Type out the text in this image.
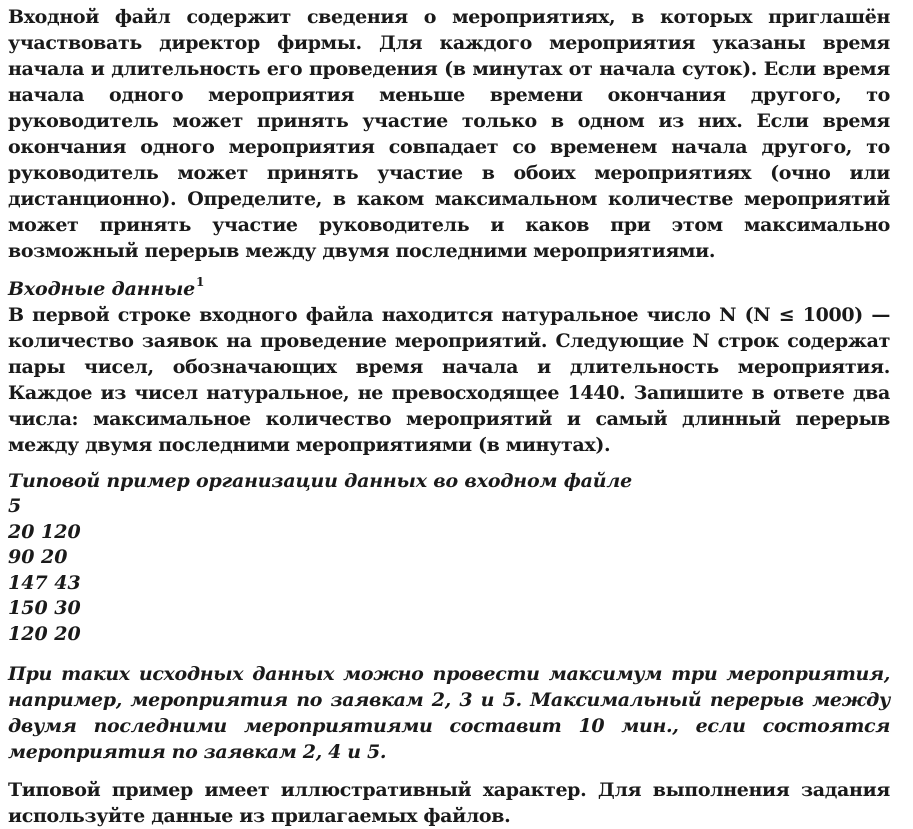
Входной файл содержит сведения о мероприятиях, в которых приглашён участвовать директор фирмы. Для каждого мероприятия указаны время начала и длительность его проведения (в минутах от начала суток). Если время начала одного мероприятия меньше времени окончания другого, то руководитель может принять участие только в одном из них. Если время окончания одного мероприятия совпадает со временем начала другого, то руководитель может принять участие в обоих мероприятиях (очно или дистанционно). Определите, в каком максимальном количестве мероприятий может принять участие руководитель и каков при этом максимально возможный перерыв между двумя последними мероприятиями.

Входные данные$^1$

В первой строке входного файла находится натуральное число N (N ≤ 1000) — количество заявок на проведение мероприятий. Следующие N строк содержат пары чисел, обозначающих время начала и длительность мероприятия. Каждое из чисел натуральное, не превосходящее 1440. Запишите в ответе два числа: максимальное количество мероприятий и самый длинный перерыв между двумя последними мероприятиями (в минутах).

Типовой пример организации данных во входном файле

5
20 120
90 20
147 43
150 30
120 20

При таких исходных данных можно провести максимум три мероприятия, например, мероприятия по заявкам 2, 3 и 5. Максимальный перерыв между двумя последними мероприятиями составит 10 мин., если состоятся мероприятия по заявкам 2, 4 и 5.

Типовой пример имеет иллюстративный характер. Для выполнения задания используйте данные из прилагаемых файлов.
